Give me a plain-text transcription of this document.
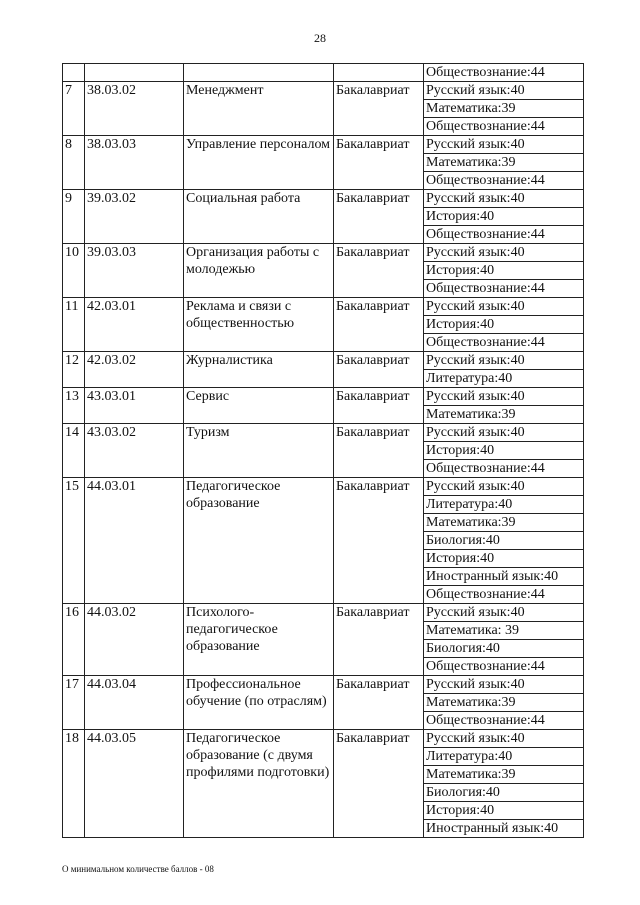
28
				Обществознание:44
7	38.03.02	Менеджмент	Бакалавриат	Русский язык:40
				Математика:39
				Обществознание:44
8	38.03.03	Управление персоналом	Бакалавриат	Русский язык:40
				Математика:39
				Обществознание:44
9	39.03.02	Социальная работа	Бакалавриат	Русский язык:40
				История:40
				Обществознание:44
10	39.03.03	Организация работы с молодежью	Бакалавриат	Русский язык:40
				История:40
				Обществознание:44
11	42.03.01	Реклама и связи с общественностью	Бакалавриат	Русский язык:40
				История:40
				Обществознание:44
12	42.03.02	Журналистика	Бакалавриат	Русский язык:40
				Литература:40
13	43.03.01	Сервис	Бакалавриат	Русский язык:40
				Математика:39
14	43.03.02	Туризм	Бакалавриат	Русский язык:40
				История:40
				Обществознание:44
15	44.03.01	Педагогическое образование	Бакалавриат	Русский язык:40
				Литература:40
				Математика:39
				Биология:40
				История:40
				Иностранный язык:40
				Обществознание:44
16	44.03.02	Психолого-педагогическое образование	Бакалавриат	Русский язык:40
				Математика: 39
				Биология:40
				Обществознание:44
17	44.03.04	Профессиональное обучение (по отраслям)	Бакалавриат	Русский язык:40
				Математика:39
				Обществознание:44
18	44.03.05	Педагогическое образование (с двумя профилями подготовки)	Бакалавриат	Русский язык:40
				Литература:40
				Математика:39
				Биология:40
				История:40
				Иностранный язык:40
О минимальном количестве баллов - 08
